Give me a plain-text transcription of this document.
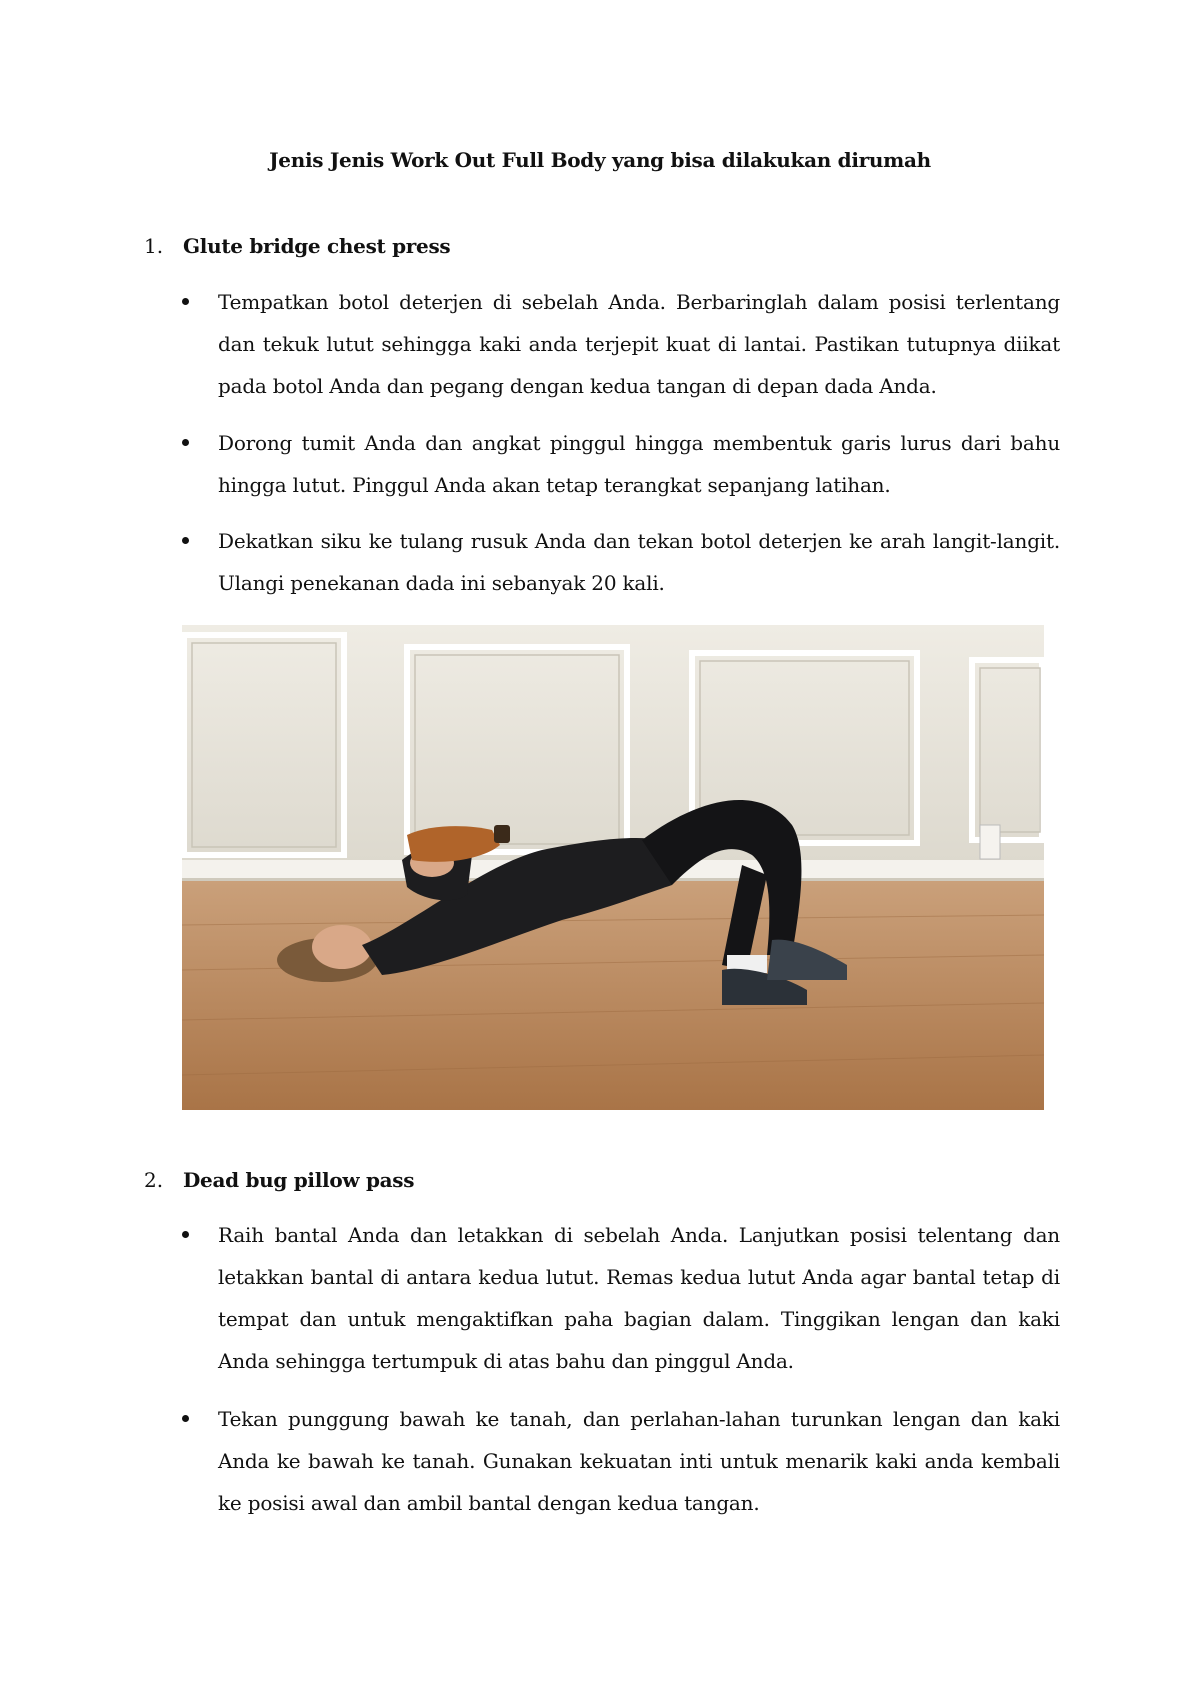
Jenis Jenis Work Out Full Body yang bisa dilakukan dirumah
1. Glute bridge chest press
Tempatkan botol deterjen di sebelah Anda. Berbaringlah dalam posisi terlentang dan tekuk lutut sehingga kaki anda terjepit kuat di lantai. Pastikan tutupnya diikat pada botol Anda dan pegang dengan kedua tangan di depan dada Anda.
Dorong tumit Anda dan angkat pinggul hingga membentuk garis lurus dari bahu hingga lutut. Pinggul Anda akan tetap terangkat sepanjang latihan.
Dekatkan siku ke tulang rusuk Anda dan tekan botol deterjen ke arah langit-langit. Ulangi penekanan dada ini sebanyak 20 kali.
2. Dead bug pillow pass
Raih bantal Anda dan letakkan di sebelah Anda. Lanjutkan posisi telentang dan letakkan bantal di antara kedua lutut. Remas kedua lutut Anda agar bantal tetap di tempat dan untuk mengaktifkan paha bagian dalam. Tinggikan lengan dan kaki Anda sehingga tertumpuk di atas bahu dan pinggul Anda.
Tekan punggung bawah ke tanah, dan perlahan-lahan turunkan lengan dan kaki Anda ke bawah ke tanah. Gunakan kekuatan inti untuk menarik kaki anda kembali ke posisi awal dan ambil bantal dengan kedua tangan.
